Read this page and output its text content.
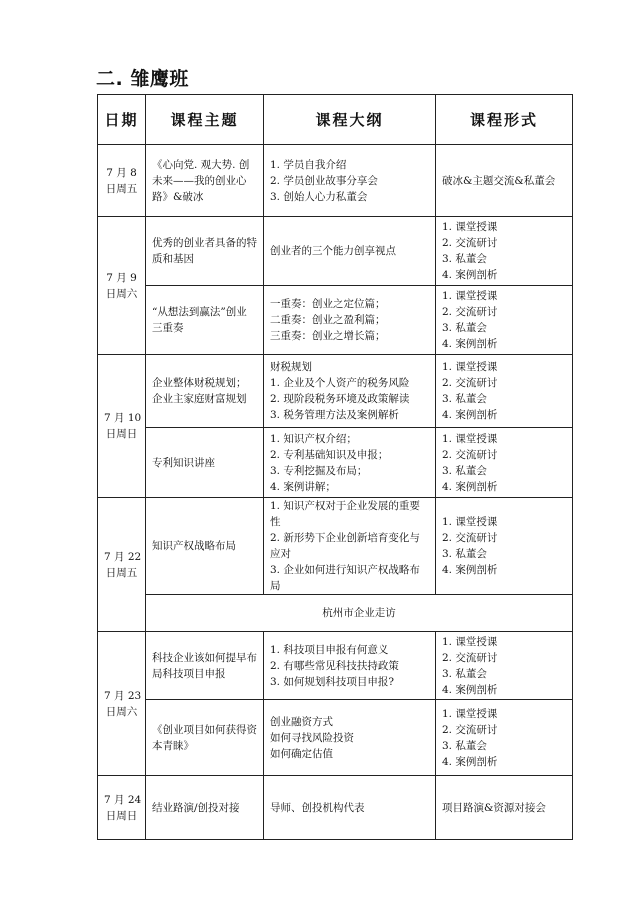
二. 雏鹰班
日期	课程主题	课程大纲	课程形式

7 月 8
日周五	《心向党. 观大势. 创未来——我的创业心路》&破冰	1. 学员自我介绍
2. 学员创业故事分享会
3. 创始人心力私董会	破冰&主题交流&私董会

7 月 9
日周六	优秀的创业者具备的特质和基因	创业者的三个能力创享视点	1. 课堂授课
2. 交流研讨
3. 私董会
4. 案例剖析

	“从想法到赢法”创业三重奏	一重奏：创业之定位篇；
二重奏：创业之盈利篇；
三重奏：创业之增长篇；	1. 课堂授课
2. 交流研讨
3. 私董会
4. 案例剖析

7 月 10
日周日	企业整体财税规划；
企业主家庭财富规划	财税规划
1. 企业及个人资产的税务风险
2. 现阶段税务环境及政策解读
3. 税务管理方法及案例解析	1. 课堂授课
2. 交流研讨
3. 私董会
4. 案例剖析

	专利知识讲座	1. 知识产权介绍；
2. 专利基础知识及申报；
3. 专利挖掘及布局；
4. 案例讲解；	1. 课堂授课
2. 交流研讨
3. 私董会
4. 案例剖析

7 月 22
日周五	知识产权战略布局	1. 知识产权对于企业发展的重要性
2. 新形势下企业创新培育变化与应对
3. 企业如何进行知识产权战略布局	1. 课堂授课
2. 交流研讨
3. 私董会
4. 案例剖析

	杭州市企业走访		

7 月 23
日周六	科技企业该如何提早布局科技项目申报	1. 科技项目申报有何意义
2. 有哪些常见科技扶持政策
3. 如何规划科技项目申报?	1. 课堂授课
2. 交流研讨
3. 私董会
4. 案例剖析

	《创业项目如何获得资本青睐》	创业融资方式
如何寻找风险投资
如何确定估值	1. 课堂授课
2. 交流研讨
3. 私董会
4. 案例剖析

7 月 24
日周日	结业路演/创投对接	导师、创投机构代表	项目路演&资源对接会
